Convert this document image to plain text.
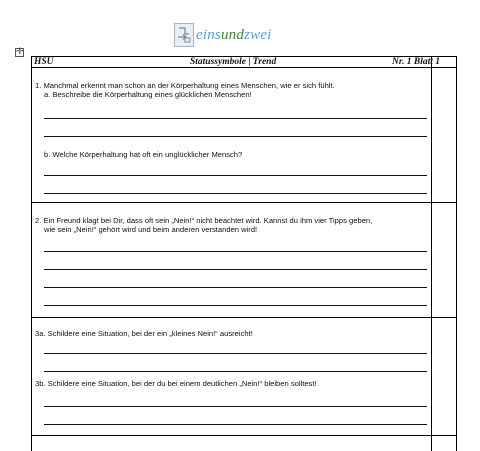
einsundzwei
✛
HSU	Statussymbole | Trend	Nr. 1 Blatt 1
1. Manchmal erkennt man schon an der Körperhaltung eines Menschen, wie er sich fühlt.
a. Beschreibe die Körperhaltung eines glücklichen Menschen!
b. Welche Körperhaltung hat oft ein unglücklicher Mensch?
2. Ein Freund klagt bei Dir, dass oft sein „Nein!“ nicht beachtet wird. Kannst du ihm vier Tipps geben,
wie sein „Nein!“ gehört wird und beim anderen verstanden wird!
3a. Schildere eine Situation, bei der ein „kleines Nein!“ ausreicht!
3b. Schildere eine Situation, bei der du bei einem deutlichen „Nein!“ bleiben solltest!
